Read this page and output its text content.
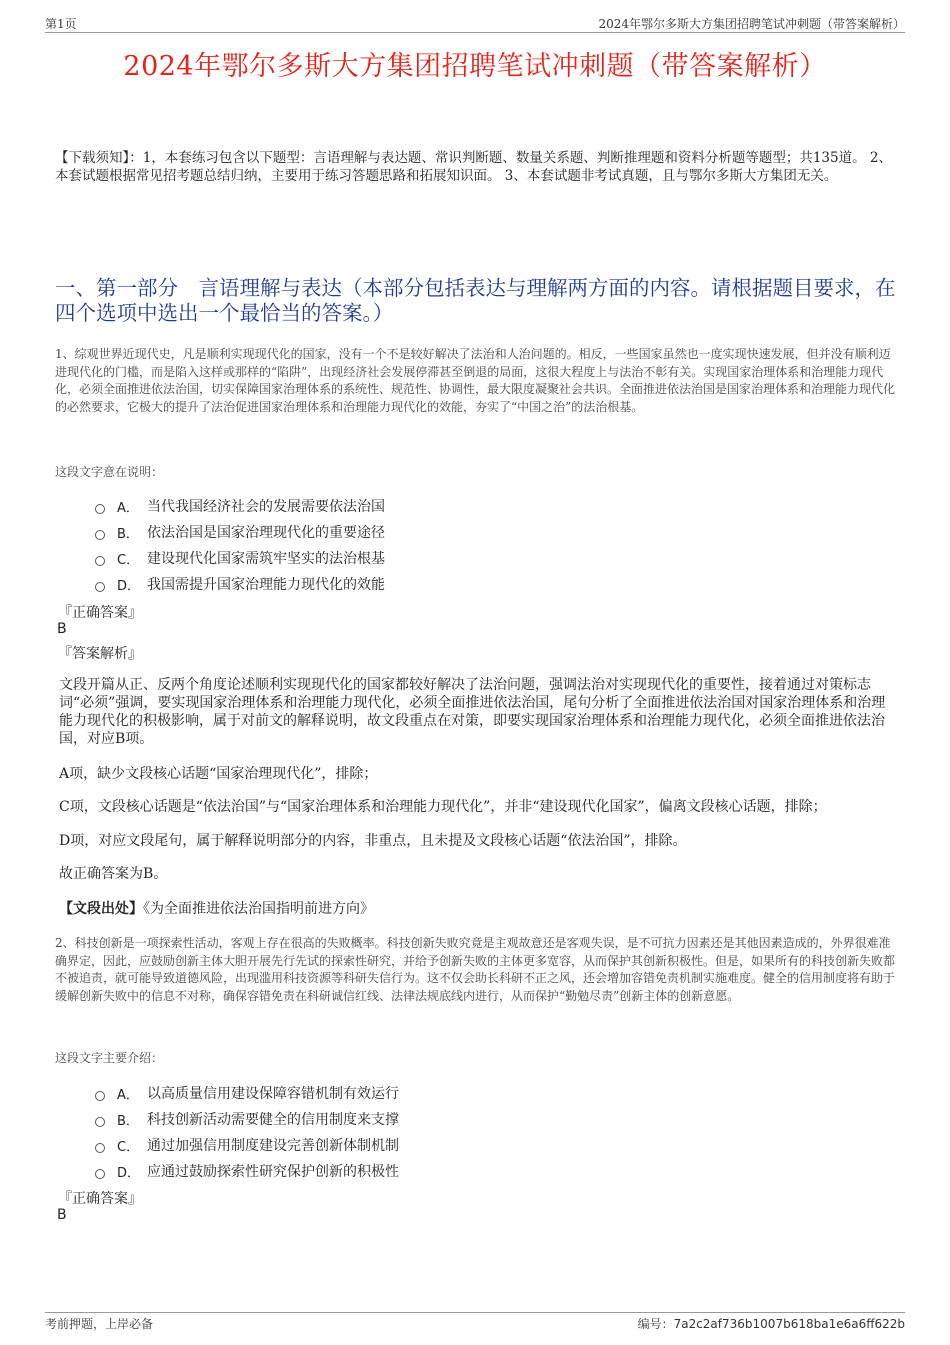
第1页	2024年鄂尔多斯大方集团招聘笔试冲刺题（带答案解析）
2024年鄂尔多斯大方集团招聘笔试冲刺题（带答案解析）
【下载须知】：1，本套练习包含以下题型：言语理解与表达题、常识判断题、数量关系题、判断推理题和资料分析题等题型；共135道。 2、本套试题根据常见招考题总结归纳，主要用于练习答题思路和拓展知识面。 3、本套试题非考试真题，且与鄂尔多斯大方集团无关。
一、第一部分　言语理解与表达（本部分包括表达与理解两方面的内容。请根据题目要求，在四个选项中选出一个最恰当的答案。）
1、综观世界近现代史，凡是顺利实现现代化的国家，没有一个不是较好解决了法治和人治问题的。相反，一些国家虽然也一度实现快速发展，但并没有顺利迈进现代化的门槛，而是陷入这样或那样的“陷阱”，出现经济社会发展停滞甚至倒退的局面，这很大程度上与法治不彰有关。实现国家治理体系和治理能力现代化，必须全面推进依法治国，切实保障国家治理体系的系统性、规范性、协调性，最大限度凝聚社会共识。全面推进依法治国是国家治理体系和治理能力现代化的必然要求，它极大的提升了法治促进国家治理体系和治理能力现代化的效能，夯实了“中国之治”的法治根基。
这段文字意在说明：
A． 当代我国经济社会的发展需要依法治国
B． 依法治国是国家治理现代化的重要途径
C． 建设现代化国家需筑牢坚实的法治根基
D． 我国需提升国家治理能力现代化的效能
『正确答案』
B
『答案解析』
文段开篇从正、反两个角度论述顺利实现现代化的国家都较好解决了法治问题，强调法治对实现现代化的重要性，接着通过对策标志词“必须”强调，要实现国家治理体系和治理能力现代化，必须全面推进依法治国，尾句分析了全面推进依法治国对国家治理体系和治理能力现代化的积极影响，属于对前文的解释说明，故文段重点在对策，即要实现国家治理体系和治理能力现代化，必须全面推进依法治国，对应B项。
A项，缺少文段核心话题“国家治理现代化”，排除；
C项，文段核心话题是“依法治国”与“国家治理体系和治理能力现代化”，并非“建设现代化国家”，偏离文段核心话题，排除；
D项，对应文段尾句，属于解释说明部分的内容，非重点，且未提及文段核心话题“依法治国”，排除。
故正确答案为B。
【文段出处】《为全面推进依法治国指明前进方向》
2、科技创新是一项探索性活动，客观上存在很高的失败概率。科技创新失败究竟是主观故意还是客观失误，是不可抗力因素还是其他因素造成的，外界很难准确界定，因此，应鼓励创新主体大胆开展先行先试的探索性研究，并给予创新失败的主体更多宽容，从而保护其创新积极性。但是，如果所有的科技创新失败都不被追责，就可能导致道德风险，出现滥用科技资源等科研失信行为。这不仅会助长科研不正之风，还会增加容错免责机制实施难度。健全的信用制度将有助于缓解创新失败中的信息不对称，确保容错免责在科研诚信红线、法律法规底线内进行，从而保护“勤勉尽责”创新主体的创新意愿。
这段文字主要介绍：
A． 以高质量信用建设保障容错机制有效运行
B． 科技创新活动需要健全的信用制度来支撑
C． 通过加强信用制度建设完善创新体制机制
D． 应通过鼓励探索性研究保护创新的积极性
『正确答案』
B
考前押题，上岸必备	编号：7a2c2af736b1007b618ba1e6a6ff622b
